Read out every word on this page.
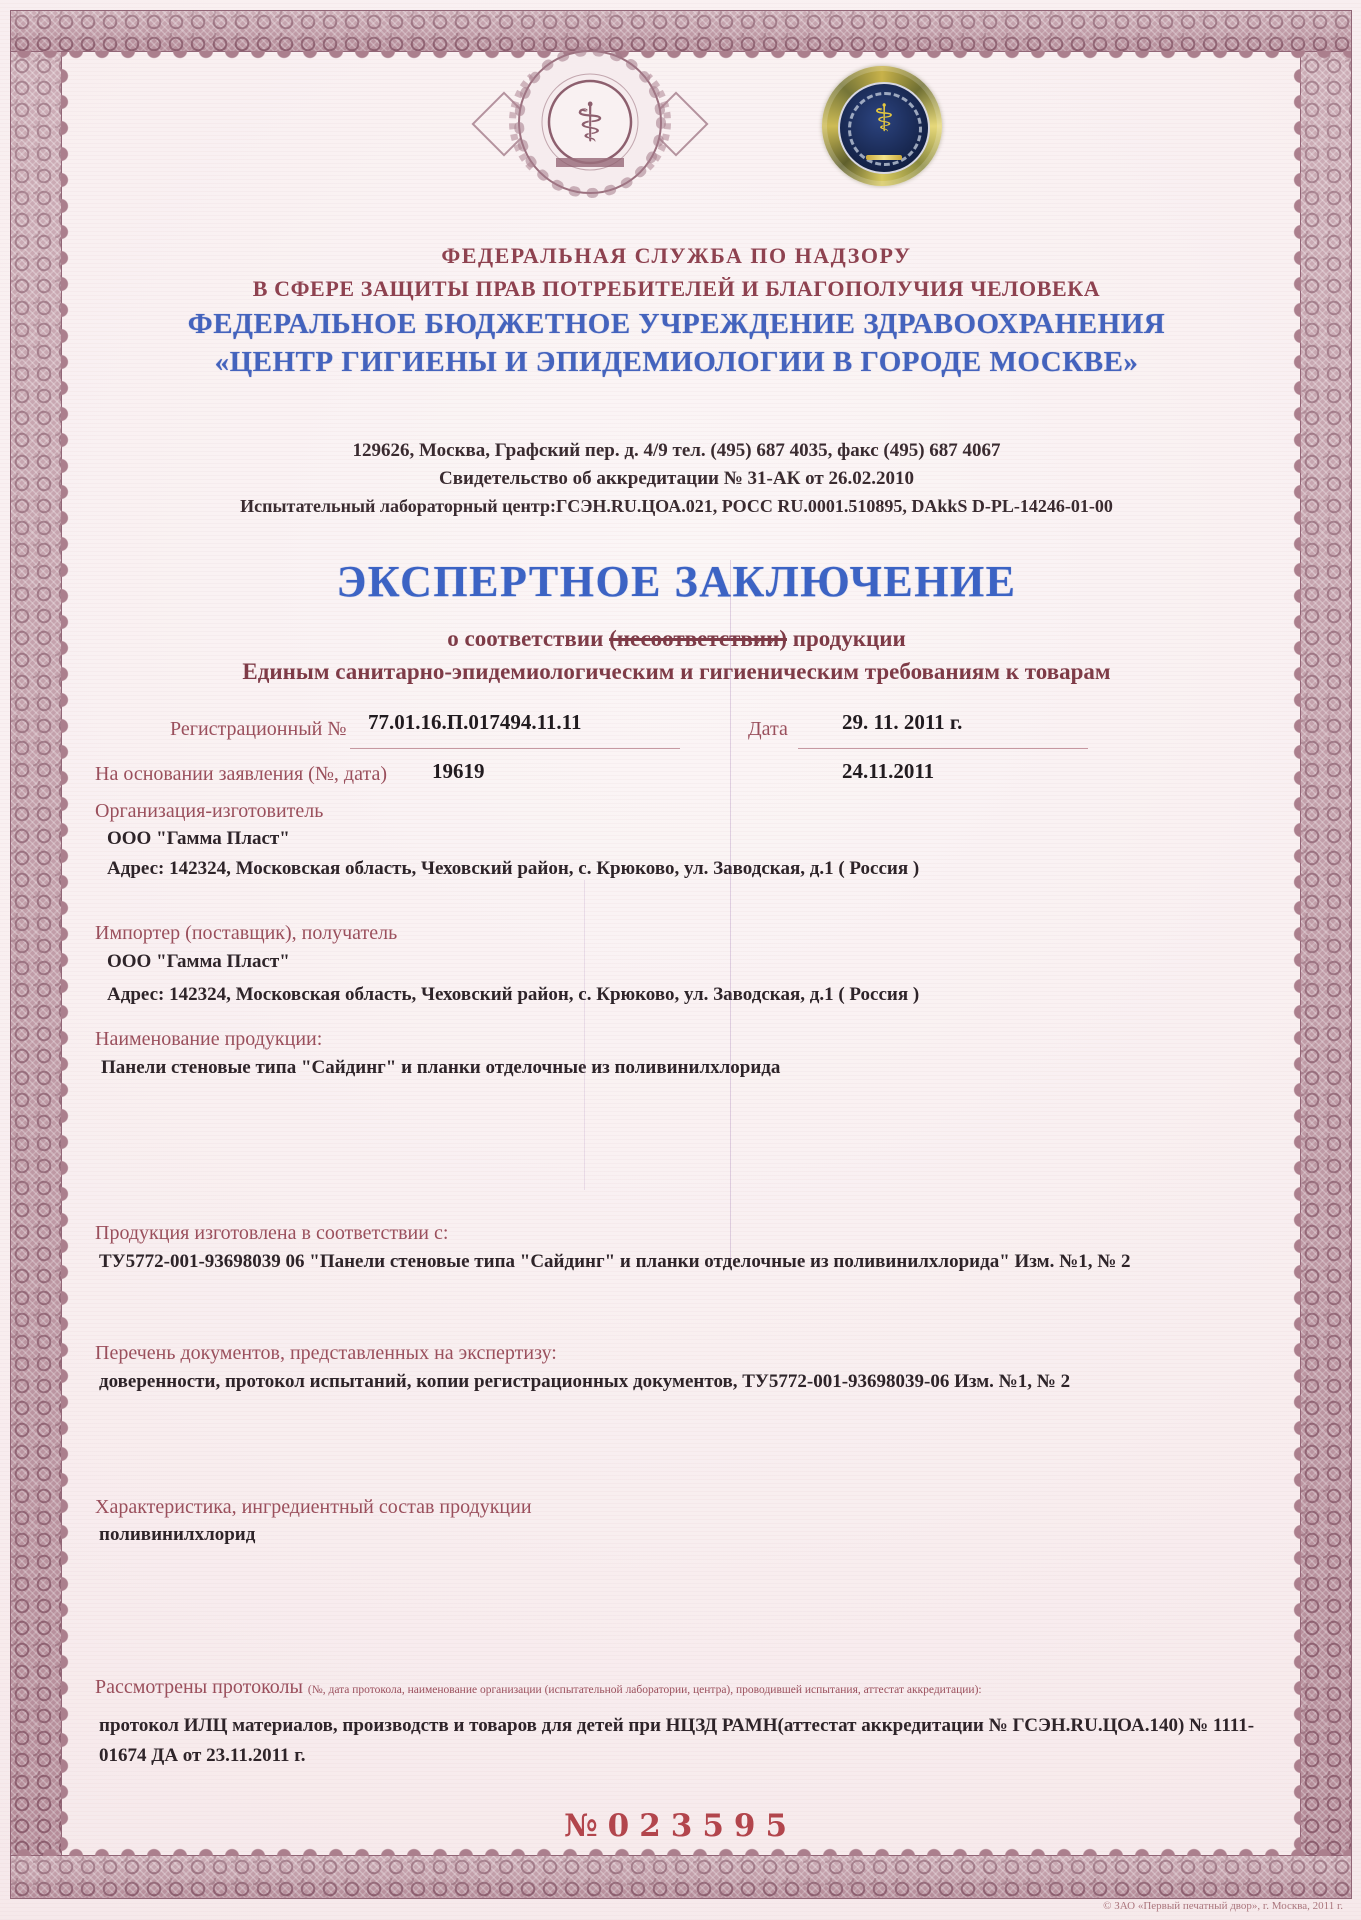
⚕	⚕
ФЕДЕРАЛЬНАЯ СЛУЖБА ПО НАДЗОРУ
В СФЕРЕ ЗАЩИТЫ ПРАВ ПОТРЕБИТЕЛЕЙ И БЛАГОПОЛУЧИЯ ЧЕЛОВЕКА
ФЕДЕРАЛЬНОЕ БЮДЖЕТНОЕ УЧРЕЖДЕНИЕ ЗДРАВООХРАНЕНИЯ
«ЦЕНТР ГИГИЕНЫ И ЭПИДЕМИОЛОГИИ В ГОРОДЕ МОСКВЕ»
129626, Москва, Графский пер. д. 4/9 тел. (495) 687 4035, факс (495) 687 4067
Свидетельство об аккредитации № 31-АК от 26.02.2010
Испытательный лабораторный центр:ГСЭН.RU.ЦОА.021, РОСС RU.0001.510895, DAkkS D-PL-14246-01-00
ЭКСПЕРТНОЕ ЗАКЛЮЧЕНИЕ
о соответствии (несоответствии) продукции
Единым санитарно-эпидемиологическим и гигиеническим требованиям к товарам
Регистрационный № 77.01.16.П.017494.11.11	Дата	29. 11. 2011 г.
На основании заявления (№, дата) 19619	24.11.2011
Организация-изготовитель
ООО "Гамма Пласт"
Адрес: 142324, Московская область, Чеховский район, с. Крюково, ул. Заводская, д.1 ( Россия )
Импортер (поставщик), получатель
ООО "Гамма Пласт"
Адрес: 142324, Московская область, Чеховский район, с. Крюково, ул. Заводская, д.1 ( Россия )
Наименование продукции:
Панели стеновые типа "Сайдинг" и планки отделочные из поливинилхлорида
Продукция изготовлена в соответствии с:
ТУ5772-001-93698039 06 "Панели стеновые типа "Сайдинг" и планки отделочные из поливинилхлорида" Изм. №1, № 2
Перечень документов, представленных на экспертизу:
доверенности, протокол испытаний, копии регистрационных документов, ТУ5772-001-93698039-06 Изм. №1, № 2
Характеристика, ингредиентный состав продукции
поливинилхлорид
Рассмотрены протоколы (№, дата протокола, наименование организации (испытательной лаборатории, центра), проводившей испытания, аттестат аккредитации):
протокол ИЛЦ материалов, производств и товаров для детей при НЦЗД РАМН(аттестат аккредитации № ГСЭН.RU.ЦОА.140) № 1111-01674 ДА от 23.11.2011 г.
№023595
© ЗАО «Первый печатный двор», г. Москва, 2011 г.
